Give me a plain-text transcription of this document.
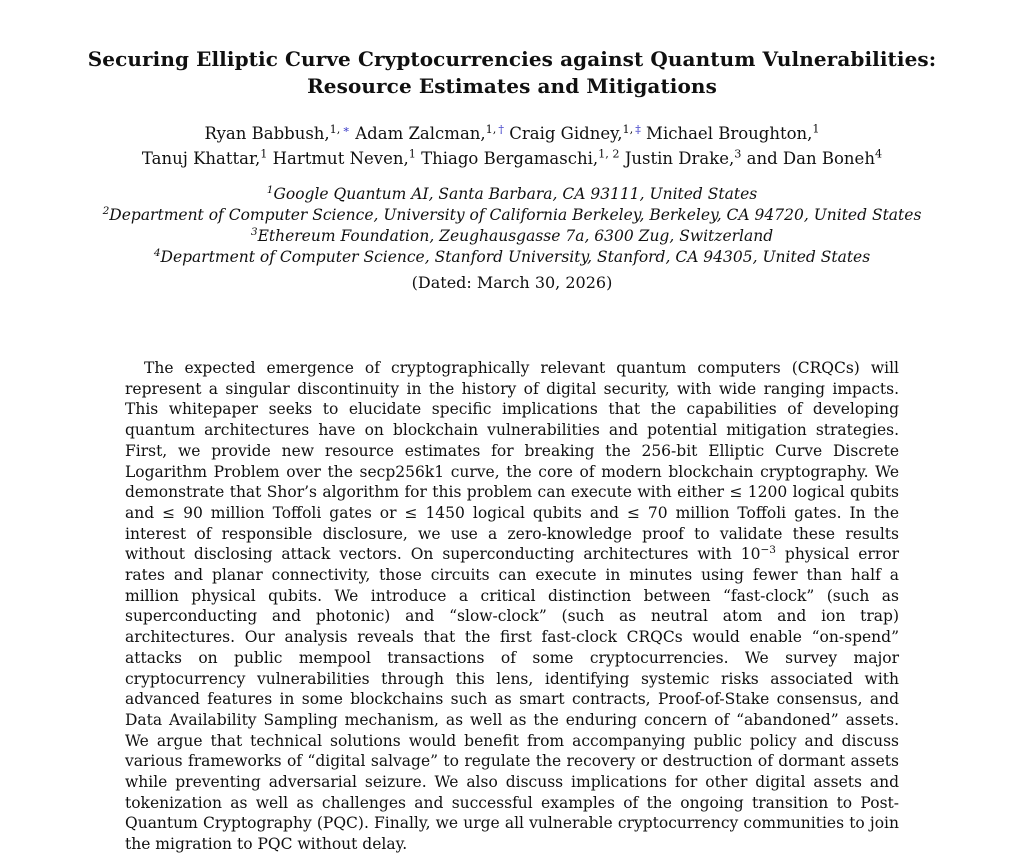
Securing Elliptic Curve Cryptocurrencies against Quantum Vulnerabilities:
Resource Estimates and Mitigations
Ryan Babbush,$^{1, ∗}$ Adam Zalcman,$^{1, \dagger}$ Craig Gidney,$^{1, \ddagger}$ Michael Broughton,$^1$
Tanuj Khattar,$^1$ Hartmut Neven,$^1$ Thiago Bergamaschi,$^{1, 2}$ Justin Drake,$^3$ and Dan Boneh$^4$
$^1$Google Quantum AI, Santa Barbara, CA 93111, United States
$^2$Department of Computer Science, University of California Berkeley, Berkeley, CA 94720, United States
$^3$Ethereum Foundation, Zeughausgasse 7a, 6300 Zug, Switzerland
$^4$Department of Computer Science, Stanford University, Stanford, CA 94305, United States
(Dated: March 30, 2026)

The expected emergence of cryptographically relevant quantum computers (CRQCs) will represent a singular discontinuity in the history of digital security, with wide ranging impacts. This whitepaper seeks to elucidate specific implications that the capabilities of developing quantum architectures have on blockchain vulnerabilities and potential mitigation strategies. First, we provide new resource estimates for breaking the 256-bit Elliptic Curve Discrete Logarithm Problem over the secp256k1 curve, the core of modern blockchain cryptography. We demonstrate that Shor’s algorithm for this problem can execute with either ≤ 1200 logical qubits and ≤ 90 million Toffoli gates or ≤ 1450 logical qubits and ≤ 70 million Toffoli gates. In the interest of responsible disclosure, we use a zero-knowledge proof to validate these results without disclosing attack vectors. On superconducting architectures with $10^{-3}$ physical error rates and planar connectivity, those circuits can execute in minutes using fewer than half a million physical qubits. We introduce a critical distinction between “fast-clock” (such as superconducting and photonic) and “slow-clock” (such as neutral atom and ion trap) architectures. Our analysis reveals that the first fast-clock CRQCs would enable “on-spend” attacks on public mempool transactions of some cryptocurrencies. We survey major cryptocurrency vulnerabilities through this lens, identifying systemic risks associated with advanced features in some blockchains such as smart contracts, Proof-of-Stake consensus, and Data Availability Sampling mechanism, as well as the enduring concern of “abandoned” assets. We argue that technical solutions would benefit from accompanying public policy and discuss various frameworks of “digital salvage” to regulate the recovery or destruction of dormant assets while preventing adversarial seizure. We also discuss implications for other digital assets and tokenization as well as challenges and successful examples of the ongoing transition to Post-Quantum Cryptography (PQC). Finally, we urge all vulnerable cryptocurrency communities to join the migration to PQC without delay.
